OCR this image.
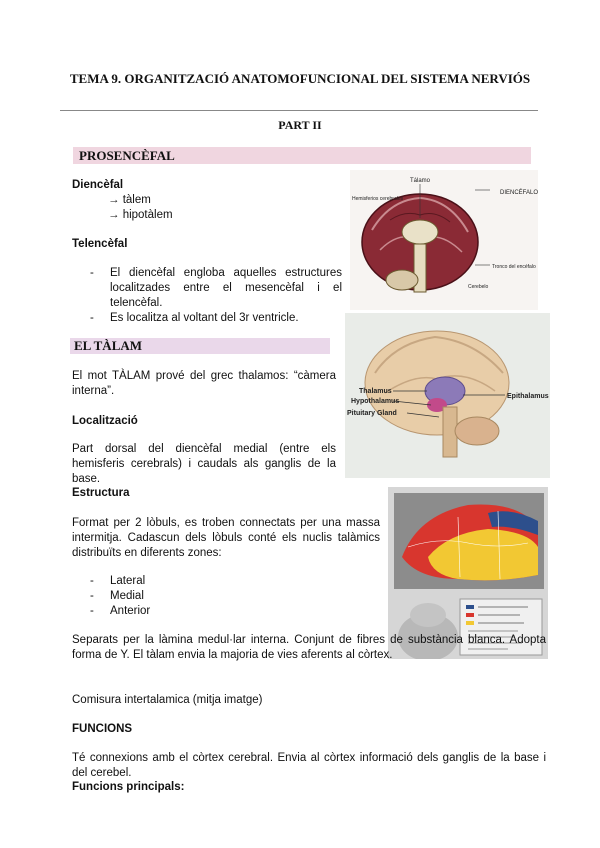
TEMA 9. ORGANITZACIÓ ANATOMOFUNCIONAL DEL SISTEMA NERVIÓS
PART II
PROSENCÈFAL
Diencèfal
→ tàlem
→ hipotàlem
Telencèfal
-	El diencèfal engloba aquelles estructures localitzades entre el mesencèfal i el telencèfal.
-	Es localitza al voltant del 3r ventricle.
DIENCÉFALO
Tálamo
Hemisferios cerebrales
Tronco del encéfalo
Cerebelo
EL TÀLAM
Thalamus
Hypothalamus
Pituitary Gland
Epithalamus
El mot TÀLAM prové del grec thalamos: “càmera interna”.
Localització
Part dorsal del diencèfal medial (entre els hemisferis cerebrals) i caudals als ganglis de la base.
Estructura
Format per 2 lòbuls, es troben connectats per una massa intermitja. Cadascun dels lòbuls conté els nuclis talàmics distribuïts en diferents zones:
- Lateral
- Medial
- Anterior
Separats per la làmina medul·lar interna. Conjunt de fibres de substància blanca. Adopta forma de Y. El tàlam envia la majoria de vies aferents al còrtex.
Comisura intertalamica (mitja imatge)
FUNCIONS
Té connexions amb el còrtex cerebral. Envia al còrtex informació dels ganglis de la base i del cerebel.
Funcions principals:
